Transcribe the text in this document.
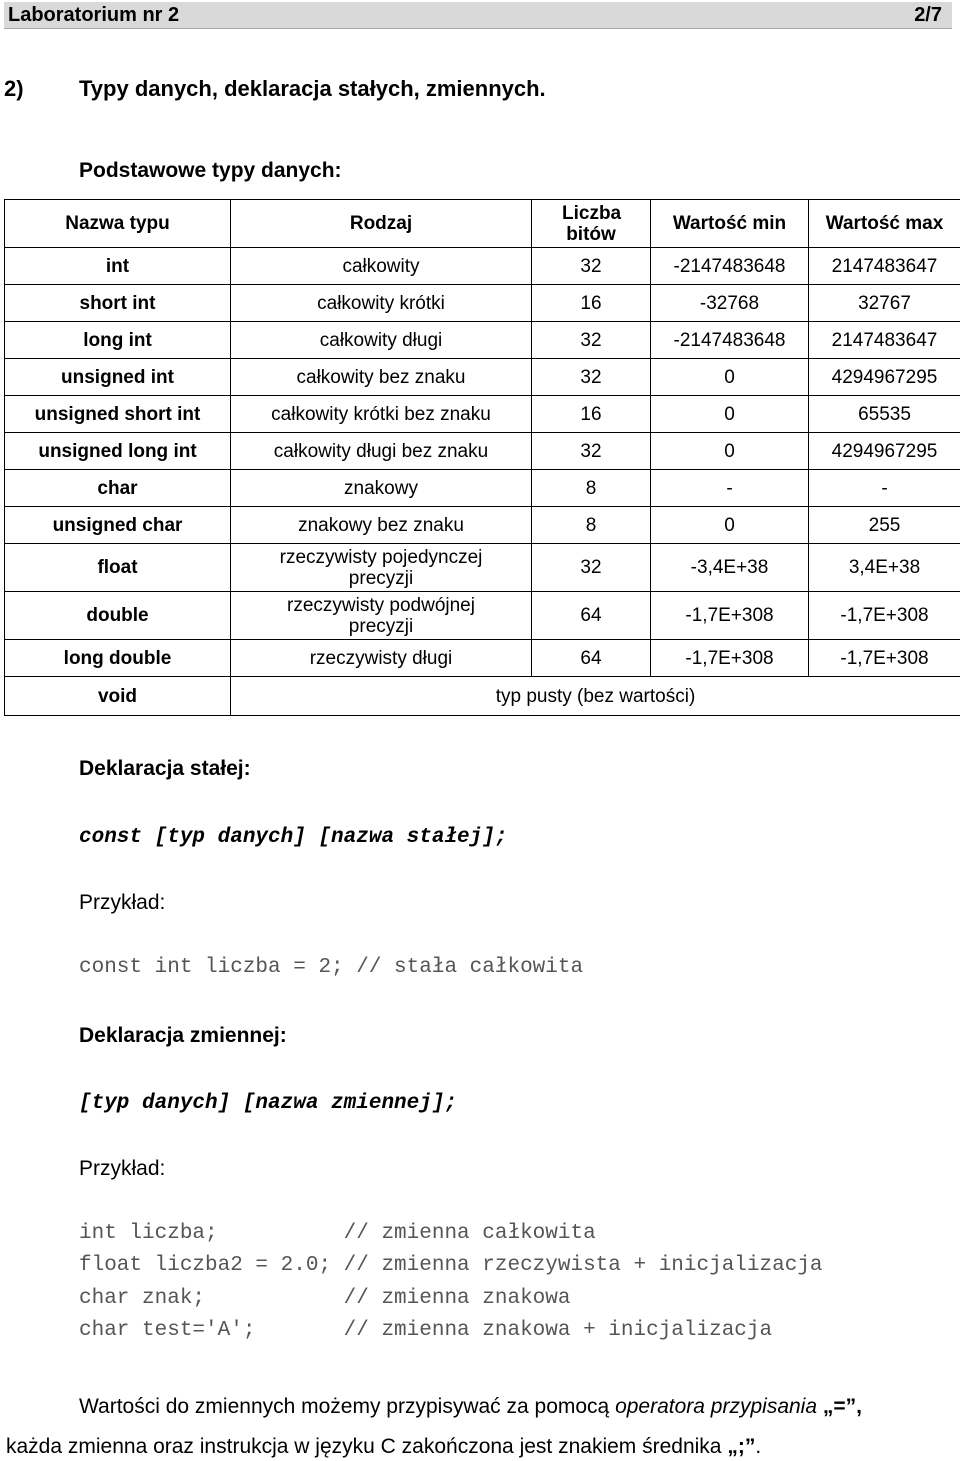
Laboratorium nr 2	2/7
2)	Typy danych, deklaracja stałych, zmiennych.
Podstawowe typy danych:
Nazwa typu	Rodzaj	Liczba bitów	Wartość min	Wartość max
int	całkowity	32	-2147483648	2147483647
short int	całkowity krótki	16	-32768	32767
long int	całkowity długi	32	-2147483648	2147483647
unsigned int	całkowity bez znaku	32	0	4294967295
unsigned short int	całkowity krótki bez znaku	16	0	65535
unsigned long int	całkowity długi bez znaku	32	0	4294967295
char	znakowy	8	-	-
unsigned char	znakowy bez znaku	8	0	255
float	rzeczywisty pojedynczej precyzji	32	-3,4E+38	3,4E+38
double	rzeczywisty podwójnej precyzji	64	-1,7E+308	-1,7E+308
long double	rzeczywisty długi	64	-1,7E+308	-1,7E+308
void	typ pusty (bez wartości)			
Deklaracja stałej:
const [typ danych] [nazwa stałej];
Przykład:
const int liczba = 2; // stała całkowita
Deklaracja zmiennej:
[typ danych] [nazwa zmiennej];
Przykład:
int liczba;          // zmienna całkowita
float liczba2 = 2.0; // zmienna rzeczywista + inicjalizacja
char znak;           // zmienna znakowa
char test='A';       // zmienna znakowa + inicjalizacja
Wartości do zmiennych możemy przypisywać za pomocą operatora przypisania „=”,
każda zmienna oraz instrukcja w języku C zakończona jest znakiem średnika „;”.
